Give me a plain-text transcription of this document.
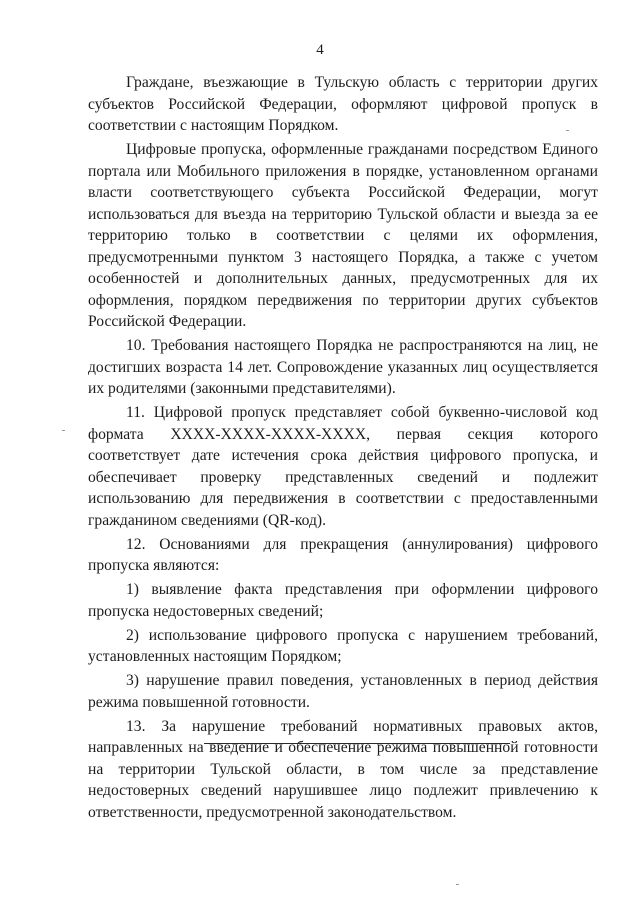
4

Граждане, въезжающие в Тульскую область с территории других субъектов Российской Федерации, оформляют цифровой пропуск в соответствии с настоящим Порядком.

Цифровые пропуска, оформленные гражданами посредством Единого портала или Мобильного приложения в порядке, установленном органами власти соответствующего субъекта Российской Федерации, могут использоваться для въезда на территорию Тульской области и выезда за ее территорию только в соответствии с целями их оформления, предусмотренными пунктом 3 настоящего Порядка, а также с учетом особенностей и дополнительных данных, предусмотренных для их оформления, порядком передвижения по территории других субъектов Российской Федерации.

10. Требования настоящего Порядка не распространяются на лиц, не достигших возраста 14 лет. Сопровождение указанных лиц осуществляется их родителями (законными представителями).

11. Цифровой пропуск представляет собой буквенно-числовой код формата XXXX-XXXX-XXXX-XXXX, первая секция которого соответствует дате истечения срока действия цифрового пропуска, и обеспечивает проверку представленных сведений и подлежит использованию для передвижения в соответствии с предоставленными гражданином сведениями (QR-код).

12. Основаниями для прекращения (аннулирования) цифрового пропуска являются:

1) выявление факта представления при оформлении цифрового пропуска недостоверных сведений;

2) использование цифрового пропуска с нарушением требований, установленных настоящим Порядком;

3) нарушение правил поведения, установленных в период действия режима повышенной готовности.

13. За нарушение требований нормативных правовых актов, направленных на введение и обеспечение режима повышенной готовности на территории Тульской области, в том числе за представление недостоверных сведений нарушившее лицо подлежит привлечению к ответственности, предусмотренной законодательством.
